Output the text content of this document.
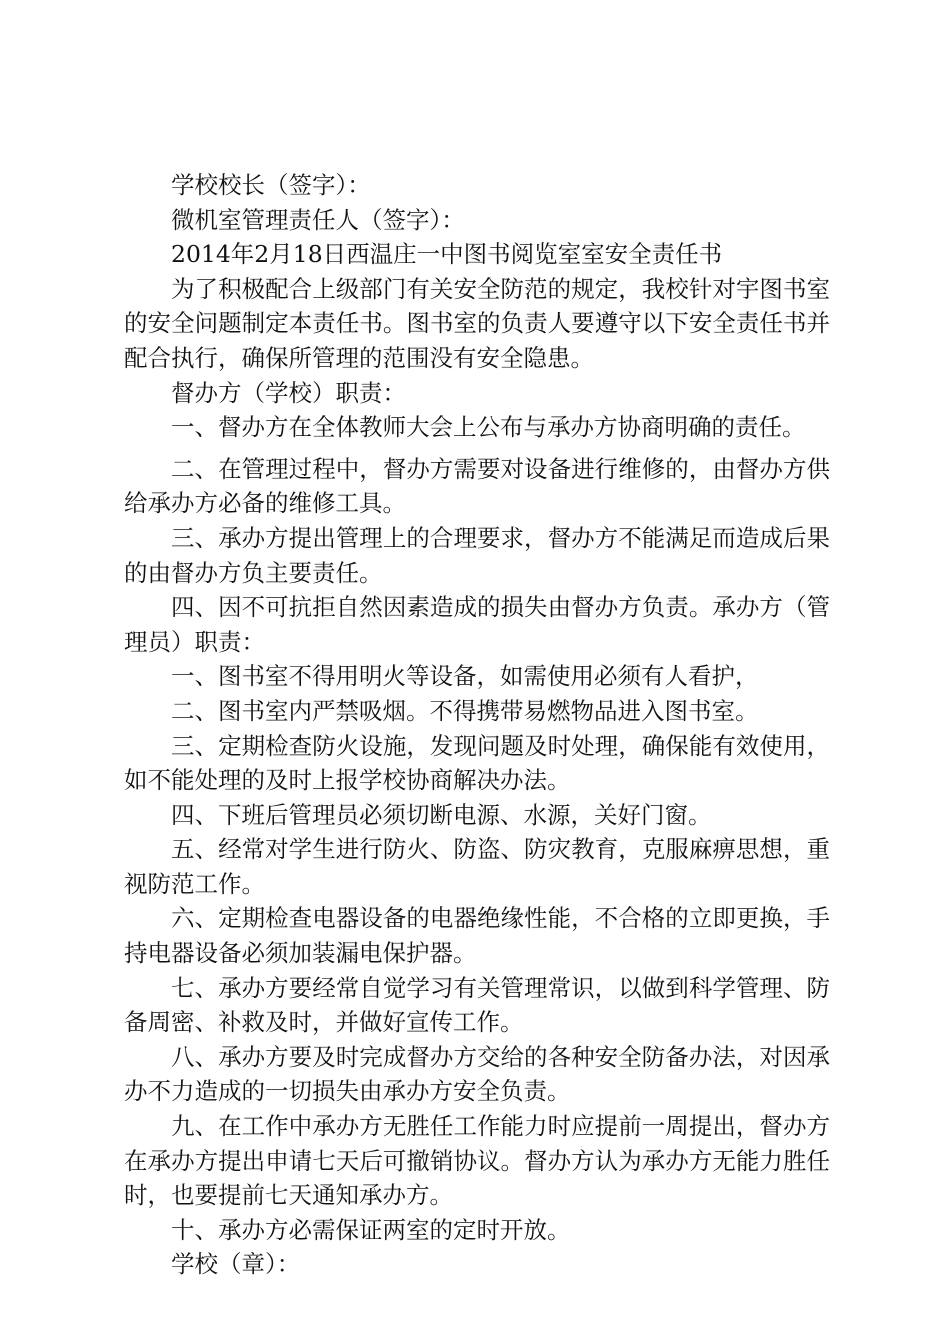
学校校长（签字）：

微机室管理责任人（签字）：

2014年2月18日西温庄一中图书阅览室室安全责任书

为了积极配合上级部门有关安全防范的规定，我校针对宇图书室的安全问题制定本责任书。图书室的负责人要遵守以下安全责任书并配合执行，确保所管理的范围没有安全隐患。

督办方（学校）职责：

一、督办方在全体教师大会上公布与承办方协商明确的责任。

二、在管理过程中，督办方需要对设备进行维修的，由督办方供给承办方必备的维修工具。

三、承办方提出管理上的合理要求，督办方不能满足而造成后果的由督办方负主要责任。

四、因不可抗拒自然因素造成的损失由督办方负责。承办方（管理员）职责：

一、图书室不得用明火等设备，如需使用必须有人看护，

二、图书室内严禁吸烟。不得携带易燃物品进入图书室。

三、定期检查防火设施，发现问题及时处理，确保能有效使用，如不能处理的及时上报学校协商解决办法。

四、下班后管理员必须切断电源、水源，关好门窗。

五、经常对学生进行防火、防盗、防灾教育，克服麻痹思想，重视防范工作。

六、定期检查电器设备的电器绝缘性能，不合格的立即更换，手持电器设备必须加装漏电保护器。

七、承办方要经常自觉学习有关管理常识，以做到科学管理、防备周密、补救及时，并做好宣传工作。

八、承办方要及时完成督办方交给的各种安全防备办法，对因承办不力造成的一切损失由承办方安全负责。

九、在工作中承办方无胜任工作能力时应提前一周提出，督办方在承办方提出申请七天后可撤销协议。督办方认为承办方无能力胜任时，也要提前七天通知承办方。

十、承办方必需保证两室的定时开放。

学校（章）：
